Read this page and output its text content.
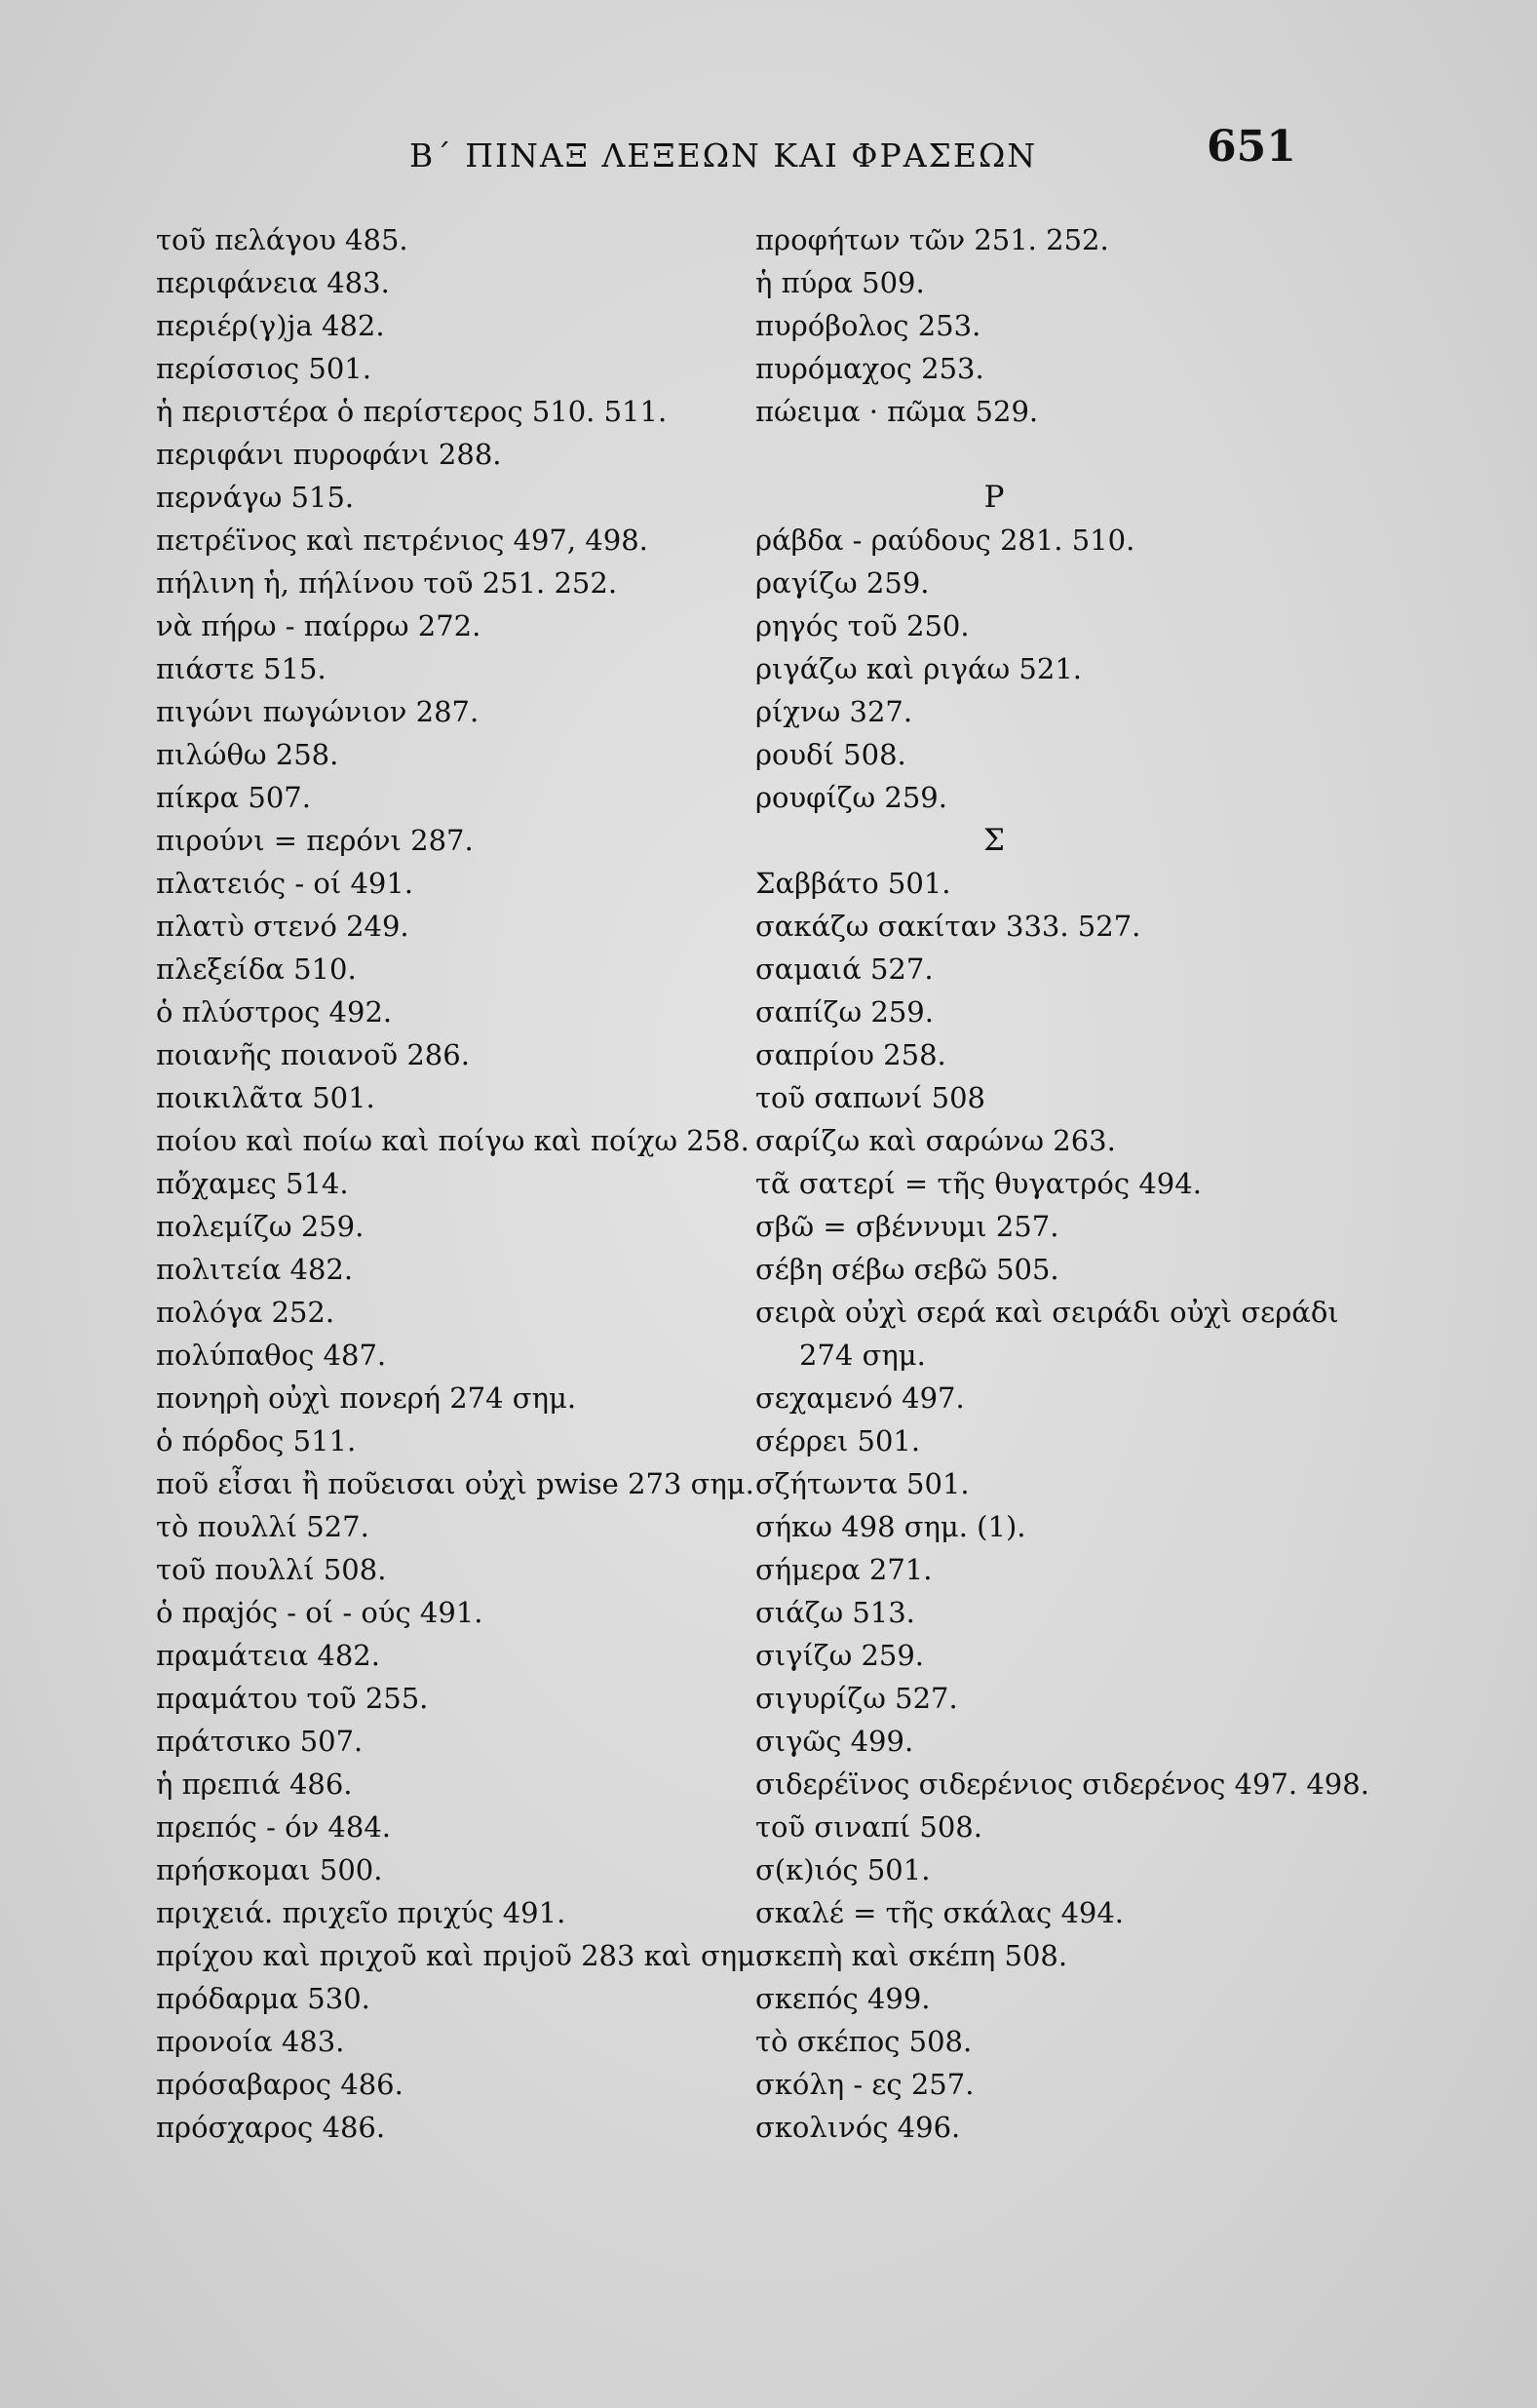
Β΄ ΠΙΝΑΞ ΛΕΞΕΩΝ ΚΑΙ ΦΡΑΣΕΩΝ	651
τοῦ πελάγου 485.
περιφάνεια 483.
περιέρ(γ)ja 482.
περίσσιος 501.
ἡ περιστέρα ὁ περίστερος 510. 511.
περιφάνι πυροφάνι 288.
περνάγω 515.
πετρέϊνος καὶ πετρένιος 497, 498.
πήλινη ἡ, πήλίνου τοῦ 251. 252.
νὰ πήρω - παίρρω 272.
πιάστε 515.
πιγώνι πωγώνιον 287.
πιλώθω 258.
πίκρα 507.
πιρούνι = περόνι 287.
πλατειός - οί 491.
πλατὺ στενό 249.
πλεξείδα 510.
ὁ πλύστρος 492.
ποιανῆς ποιανοῦ 286.
ποικιλᾶτα 501.
ποίου καὶ ποίω καὶ ποίγω καὶ ποίχω 258.
πὄχαμες 514.
πολεμίζω 259.
πολιτεία 482.
πολόγα 252.
πολύπαθος 487.
πονηρὴ οὐχὶ πονερή 274 σημ.
ὁ πόρδος 511.
ποῦ εἶσαι ἢ ποῦεισαι οὐχὶ pwise 273 σημ.
τὸ πουλλί 527.
τοῦ πουλλί 508.
ὁ πραjός - οί - ούς 491.
πραμάτεια 482.
πραμάτου τοῦ 255.
πράτσικο 507.
ἡ πρεπιά 486.
πρεπός - όν 484.
πρήσκομαι 500.
πριχειά. πριχεῖο πριχύς 491.
πρίχου καὶ πριχοῦ καὶ πριjοῦ 283 καὶ σημ.
πρόδαρμα 530.
προνοία 483.
πρόσαβαρος 486.
πρόσχαρος 486.
προφήτων τῶν 251. 252.
ἡ πύρα 509.
πυρόβολος 253.
πυρόμαχος 253.
πώειμα · πῶμα 529.
Ρ
ράβδα - ραύδους 281. 510.
ραγίζω 259.
ρηγός τοῦ 250.
ριγάζω καὶ ριγάω 521.
ρίχνω 327.
ρουδί 508.
ρουφίζω 259.
Σ
Σαββάτο 501.
σακάζω σακίταν 333. 527.
σαμαιά 527.
σαπίζω 259.
σαπρίου 258.
τοῦ σαπωνί 508
σαρίζω καὶ σαρώνω 263.
τᾶ σατερί = τῆς θυγατρός 494.
σβῶ = σβέννυμι 257.
σέβη σέβω σεβῶ 505.
σειρὰ οὐχὶ σερά καὶ σειράδι οὐχὶ σεράδι
274 σημ.
σεχαμενό 497.
σέρρει 501.
σζήτωντα 501.
σήκω 498 σημ. (1).
σήμερα 271.
σιάζω 513.
σιγίζω 259.
σιγυρίζω 527.
σιγῶς 499.
σιδερέϊνος σιδερένιος σιδερένος 497. 498.
τοῦ σιναπί 508.
σ(κ)ιός 501.
σκαλέ = τῆς σκάλας 494.
σκεπὴ καὶ σκέπη 508.
σκεπός 499.
τὸ σκέπος 508.
σκόλη - ες 257.
σκολινός 496.
